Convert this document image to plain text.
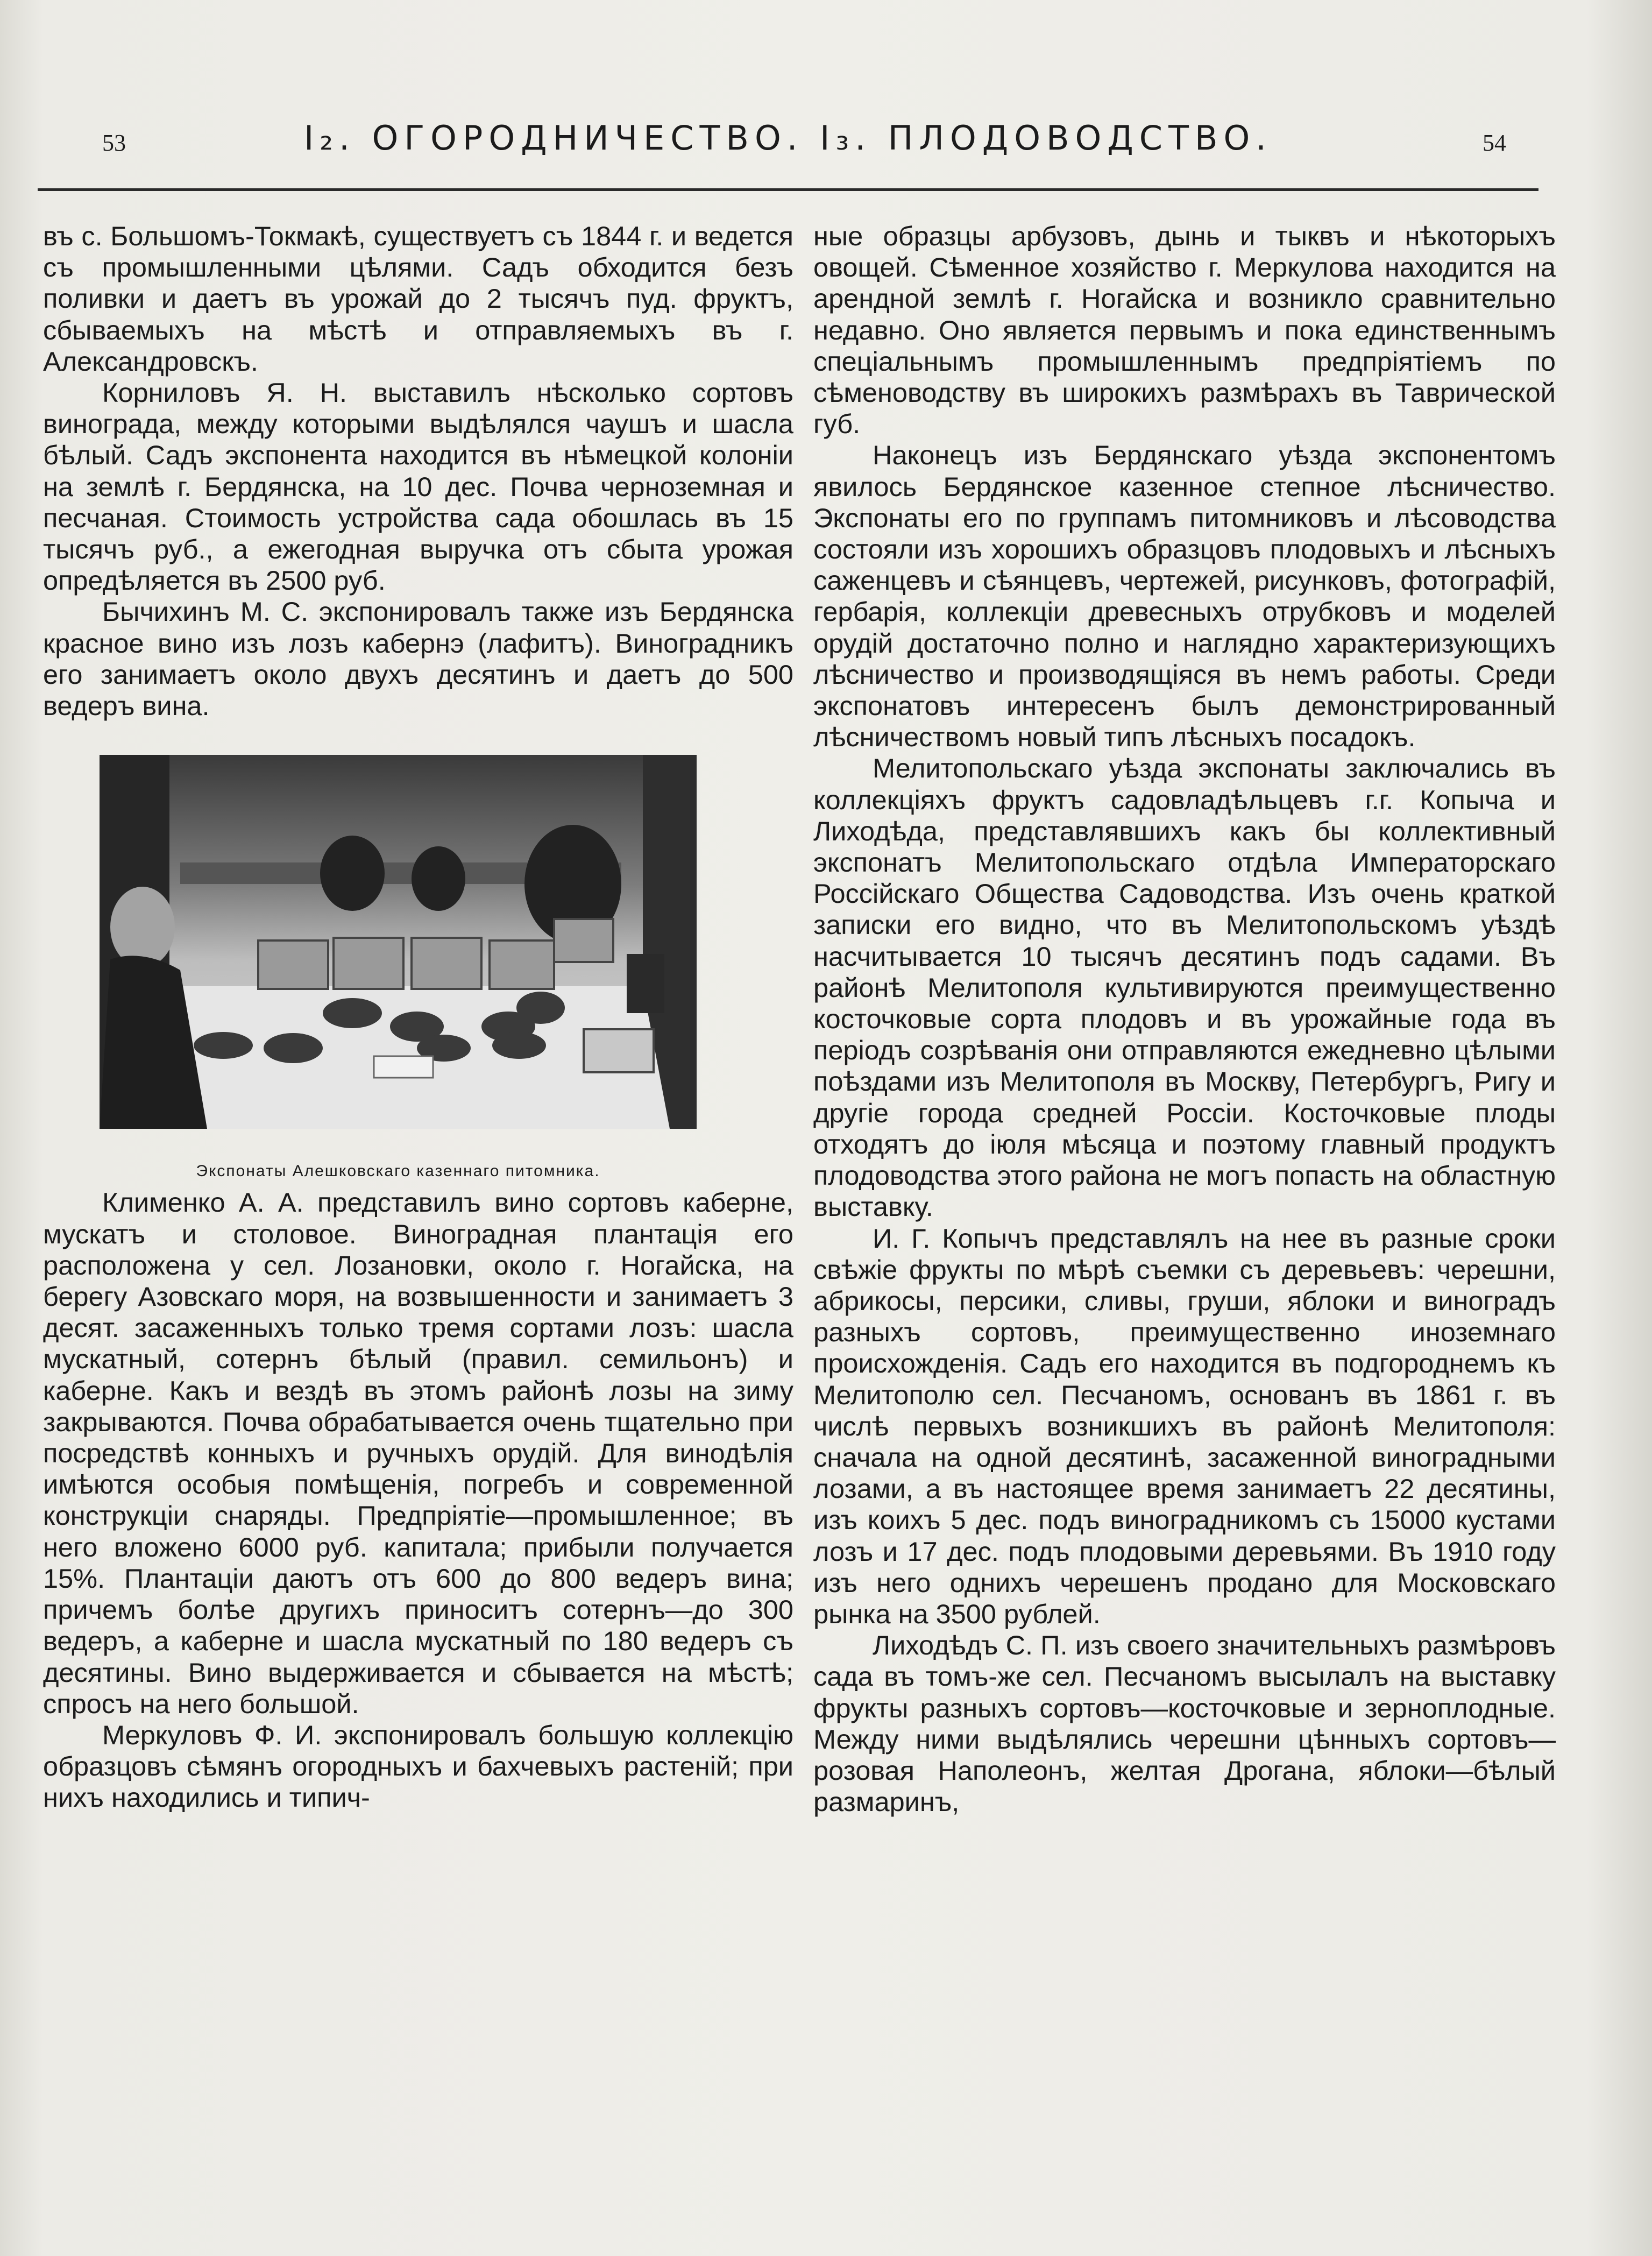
53	I₂. ОГОРОДНИЧЕСТВО. I₃. ПЛОДОВОДСТВО.	54

въ с. Большомъ-Токмакѣ, существуетъ съ 1844 г. и ведется съ промышленными цѣлями. Садъ обходится безъ поливки и даетъ въ урожай до 2 тысячъ пуд. фруктъ, сбываемыхъ на мѣстѣ и отправляемыхъ въ г. Александровскъ.

Корниловъ Я. Н. выставилъ нѣсколько сортовъ винограда, между которыми выдѣлялся чаушъ и шасла бѣлый. Садъ экспонента находится въ нѣмецкой колоніи на землѣ г. Бердянска, на 10 дес. Почва черноземная и песчаная. Стоимость устройства сада обошлась въ 15 тысячъ руб., а ежегодная выручка отъ сбыта урожая опредѣляется въ 2500 руб.

Бычихинъ М. С. экспонировалъ также изъ Бердянска красное вино изъ лозъ кабернэ (лафитъ). Виноградникъ его занимаетъ около двухъ десятинъ и даетъ до 500 ведеръ вина.

Экспонаты Алешковскаго казеннаго питомника.

Клименко А. А. представилъ вино сортовъ каберне, мускатъ и столовое. Виноградная плантація его расположена у сел. Лозановки, около г. Ногайска, на берегу Азовскаго моря, на возвышенности и занимаетъ 3 десят. засаженныхъ только тремя сортами лозъ: шасла мускатный, сотернъ бѣлый (правил. семильонъ) и каберне. Какъ и вездѣ въ этомъ районѣ лозы на зиму закрываются. Почва обрабатывается очень тщательно при посредствѣ конныхъ и ручныхъ орудій. Для винодѣлія имѣются особыя помѣщенія, погребъ и современной конструкціи снаряды. Предпріятіе—промышленное; въ него вложено 6000 руб. капитала; прибыли получается 15%. Плантаціи даютъ отъ 600 до 800 ведеръ вина; причемъ болѣе другихъ приноситъ сотернъ—до 300 ведеръ, а каберне и шасла мускатный по 180 ведеръ съ десятины. Вино выдерживается и сбывается на мѣстѣ; спросъ на него большой.

Меркуловъ Ф. И. экспонировалъ большую коллекцію образцовъ сѣмянъ огородныхъ и бахчевыхъ растеній; при нихъ находились и типич-

ные образцы арбузовъ, дынь и тыквъ и нѣкоторыхъ овощей. Сѣменное хозяйство г. Меркулова находится на арендной землѣ г. Ногайска и возникло сравнительно недавно. Оно является первымъ и пока единственнымъ спеціальнымъ промышленнымъ предпріятіемъ по сѣменоводству въ широкихъ размѣрахъ въ Таврической губ.

Наконецъ изъ Бердянскаго уѣзда экспонентомъ явилось Бердянское казенное степное лѣсничество. Экспонаты его по группамъ питомниковъ и лѣсоводства состояли изъ хорошихъ образцовъ плодовыхъ и лѣсныхъ саженцевъ и сѣянцевъ, чертежей, рисунковъ, фотографій, гербарія, коллекціи древесныхъ отрубковъ и моделей орудій достаточно полно и наглядно характеризующихъ лѣсничество и производящіяся въ немъ работы. Среди экспонатовъ интересенъ былъ демонстрированный лѣсничествомъ новый типъ лѣсныхъ посадокъ.

Мелитопольскаго уѣзда экспонаты заключались въ коллекціяхъ фруктъ садовладѣльцевъ г.г. Копыча и Лиходѣда, представлявшихъ какъ бы коллективный экспонатъ Мелитопольскаго отдѣла Императорскаго Россійскаго Общества Садоводства. Изъ очень краткой записки его видно, что въ Мелитопольскомъ уѣздѣ насчитывается 10 тысячъ десятинъ подъ садами. Въ районѣ Мелитополя культивируются преимущественно косточковые сорта плодовъ и въ урожайные года въ періодъ созрѣванія они отправляются ежедневно цѣлыми поѣздами изъ Мелитополя въ Москву, Петербургъ, Ригу и другіе города средней Россіи. Косточковые плоды отходятъ до іюля мѣсяца и поэтому главный продуктъ плодоводства этого района не могъ попасть на областную выставку.

И. Г. Копычъ представлялъ на нее въ разные сроки свѣжіе фрукты по мѣрѣ съемки съ деревьевъ: черешни, абрикосы, персики, сливы, груши, яблоки и виноградъ разныхъ сортовъ, преимущественно иноземнаго происхожденія. Садъ его находится въ подгороднемъ къ Мелитополю сел. Песчаномъ, основанъ въ 1861 г. въ числѣ первыхъ возникшихъ въ районѣ Мелитополя: сначала на одной десятинѣ, засаженной виноградными лозами, а въ настоящее время занимаетъ 22 десятины, изъ коихъ 5 дес. подъ виноградникомъ съ 15000 кустами лозъ и 17 дес. подъ плодовыми деревьями. Въ 1910 году изъ него однихъ черешенъ продано для Московскаго рынка на 3500 рублей.

Лиходѣдъ С. П. изъ своего значительныхъ размѣровъ сада въ томъ-же сел. Песчаномъ высылалъ на выставку фрукты разныхъ сортовъ—косточковые и зерноплодные. Между ними выдѣлялись черешни цѣнныхъ сортовъ—розовая Наполеонъ, желтая Дрогана, яблоки—бѣлый размаринъ,
